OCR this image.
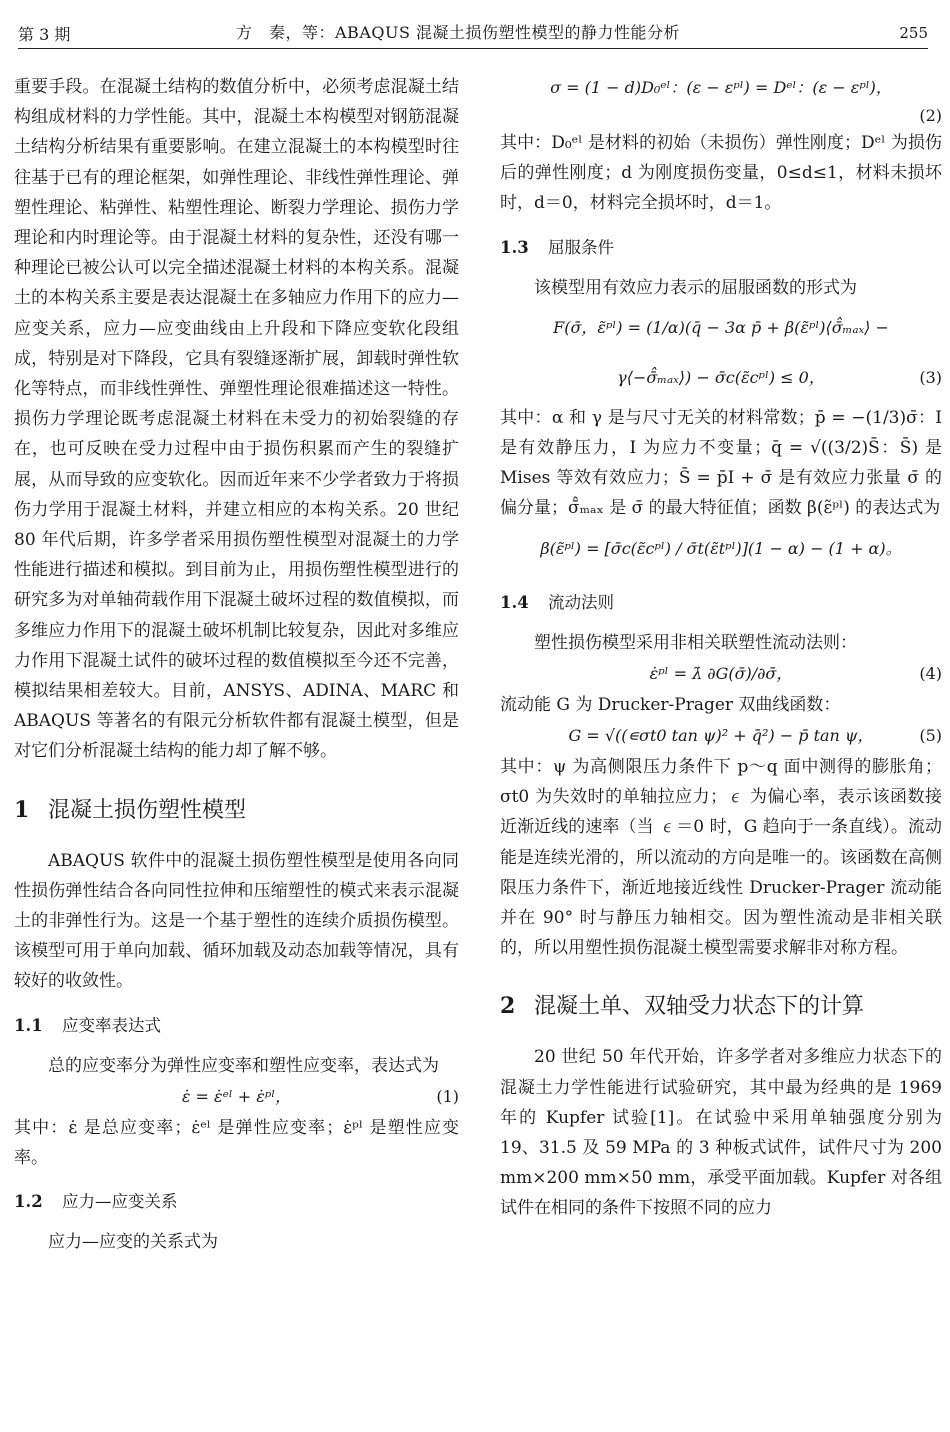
第 3 期	方　秦，等：ABAQUS 混凝土损伤塑性模型的静力性能分析	255

重要手段。在混凝土结构的数值分析中，必须考虑混凝土结构组成材料的力学性能。其中，混凝土本构模型对钢筋混凝土结构分析结果有重要影响。在建立混凝土的本构模型时往往基于已有的理论框架，如弹性理论、非线性弹性理论、弹塑性理论、粘弹性、粘塑性理论、断裂力学理论、损伤力学理论和内时理论等。由于混凝土材料的复杂性，还没有哪一种理论已被公认可以完全描述混凝土材料的本构关系。混凝土的本构关系主要是表达混凝土在多轴应力作用下的应力—应变关系，应力—应变曲线由上升段和下降应变软化段组成，特别是对下降段，它具有裂缝逐渐扩展，卸载时弹性软化等特点，而非线性弹性、弹塑性理论很难描述这一特性。损伤力学理论既考虑混凝土材料在未受力的初始裂缝的存在，也可反映在受力过程中由于损伤积累而产生的裂缝扩展，从而导致的应变软化。因而近年来不少学者致力于将损伤力学用于混凝土材料，并建立相应的本构关系。20 世纪 80 年代后期，许多学者采用损伤塑性模型对混凝土的力学性能进行描述和模拟。到目前为止，用损伤塑性模型进行的研究多为对单轴荷载作用下混凝土破坏过程的数值模拟，而多维应力作用下的混凝土破坏机制比较复杂，因此对多维应力作用下混凝土试件的破坏过程的数值模拟至今还不完善，模拟结果相差较大。目前，ANSYS、ADINA、MARC 和 ABAQUS 等著名的有限元分析软件都有混凝土模型，但是对它们分析混凝土结构的能力却了解不够。

1 混凝土损伤塑性模型

ABAQUS 软件中的混凝土损伤塑性模型是使用各向同性损伤弹性结合各向同性拉伸和压缩塑性的模式来表示混凝土的非弹性行为。这是一个基于塑性的连续介质损伤模型。该模型可用于单向加载、循环加载及动态加载等情况，具有较好的收敛性。

1.1 应变率表达式

总的应变率分为弹性应变率和塑性应变率，表达式为

ε̇ = ε̇ᵉˡ + ε̇ᵖˡ，	(1)

其中：ε̇ 是总应变率；ε̇ᵉˡ 是弹性应变率；ε̇ᵖˡ 是塑性应变率。

1.2 应力—应变关系

应力—应变的关系式为

σ = (1 − d)D₀ᵉˡ：(ε − εᵖˡ) = Dᵉˡ：(ε − εᵖˡ)，
(2)

其中：D₀ᵉˡ 是材料的初始（未损伤）弹性刚度；Dᵉˡ 为损伤后的弹性刚度；d 为刚度损伤变量，0≤d≤1，材料未损坏时，d＝0，材料完全损坏时，d＝1。

1.3 屈服条件

该模型用有效应力表示的屈服函数的形式为

F(σ̄，ε̃ᵖˡ) = (1/α)(q̄ − 3α p̄ + β(ε̃ᵖˡ)⟨σ̄̂ₘₐₓ⟩ −
γ⟨−σ̄̂ₘₐₓ⟩) − σ̄c(ε̃cᵖˡ) ≤ 0，	(3)

其中：α 和 γ 是与尺寸无关的材料常数；p̄ = −(1/3)σ̄：I 是有效静压力，I 为应力不变量；q̄ = √((3/2)S̄：S̄) 是 Mises 等效有效应力；S̄ = p̄I + σ̄ 是有效应力张量 σ̄ 的偏分量；σ̄̂ₘₐₓ 是 σ̄ 的最大特征值；函数 β(ε̃ᵖˡ) 的表达式为

β(ε̃ᵖˡ) = [σ̄c(ε̃cᵖˡ) / σ̄t(ε̃tᵖˡ)](1 − α) − (1 + α)。
1.4 流动法则

塑性损伤模型采用非相关联塑性流动法则：

ε̇ᵖˡ = λ̇ ∂G(σ̄)/∂σ̄，	(4)

流动能 G 为 Drucker-Prager 双曲线函数：

G = √((∊σt0 tan ψ)² + q̄²) − p̄ tan ψ，	(5)

其中：ψ 为高侧限压力条件下 p～q 面中测得的膨胀角；σt0 为失效时的单轴拉应力；∊ 为偏心率，表示该函数接近渐近线的速率（当 ∊＝0 时，G 趋向于一条直线）。流动能是连续光滑的，所以流动的方向是唯一的。该函数在高侧限压力条件下，渐近地接近线性 Drucker-Prager 流动能并在 90° 时与静压力轴相交。因为塑性流动是非相关联的，所以用塑性损伤混凝土模型需要求解非对称方程。

2 混凝土单、双轴受力状态下的计算

20 世纪 50 年代开始，许多学者对多维应力状态下的混凝土力学性能进行试验研究，其中最为经典的是 1969 年的 Kupfer 试验[1]。在试验中采用单轴强度分别为 19、31.5 及 59 MPa 的 3 种板式试件，试件尺寸为 200 mm×200 mm×50 mm，承受平面加载。Kupfer 对各组试件在相同的条件下按照不同的应力
